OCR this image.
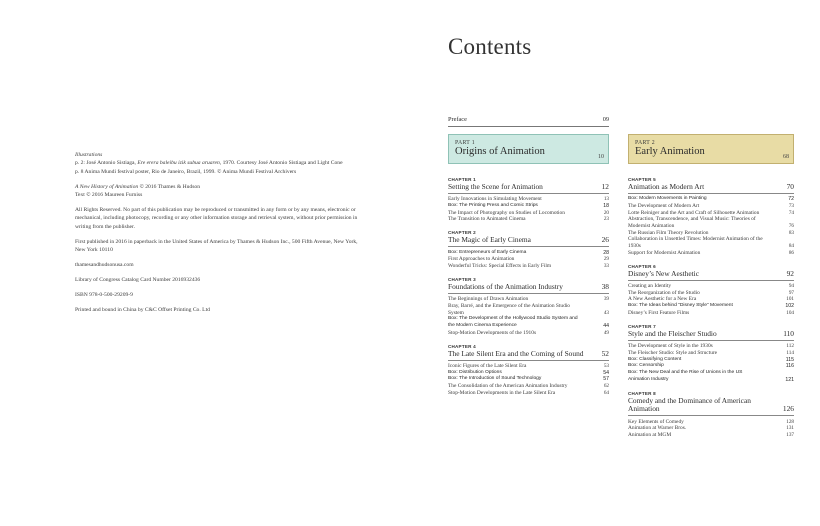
Illustrations
p. 2: José Antonio Sistiaga, Ere erera baleibu izik subua aruaren, 1970. Courtesy José Antonio Sistiaga and Light Cone
p. 8 Anima Mundi festival poster, Rio de Janeiro, Brazil, 1999. © Anima Mundi Festival Archivers

A New History of Animation © 2016 Thames & Hudson
Text © 2016 Maureen Furniss

All Rights Reserved. No part of this publication may be reproduced or transmitted in any form or by any means, electronic or mechanical, including photocopy, recording or any other information storage and retrieval system, without prior permission in writing from the publisher.

First published in 2016 in paperback in the United States of America by Thames & Hudson Inc., 500 Fifth Avenue, New York, New York 10110

thamesandhudsonusa.com

Library of Congress Catalog Card Number 2016932436

ISBN 978-0-500-29209-9

Printed and bound in China by C&C Offset Printing Co. Ltd

Contents
Preface	09
PART 1
Origins of Animation	10
PART 2
Early Animation	68
CHAPTER 1
Setting the Scene for Animation	12
Early Innovations in Simulating Movement	13
Box: The Printing Press and Comic Strips	18
The Impact of Photography on Studies of Locomotion	20
The Transition to Animated Cinema	23
CHAPTER 2
The Magic of Early Cinema	26
Box: Entrepreneurs of Early Cinema	28
First Approaches to Animation	29
Wonderful Tricks: Special Effects in Early Film	33
CHAPTER 3
Foundations of the Animation Industry	38
The Beginnings of Drawn Animation	39
Bray, Barré, and the Emergence of the Animation Studio System	43
Box: The Development of the Hollywood Studio System and the Modern Cinema Experience	44
Stop-Motion Developments of the 1910s	49
CHAPTER 4
The Late Silent Era and the Coming of Sound 52
Iconic Figures of the Late Silent Era	53
Box: Distribution Options	54
Box: The Introduction of Sound Technology	57
The Consolidation of the American Animation Industry	62
Stop-Motion Developments in the Late Silent Era	64
CHAPTER 5
Animation as Modern Art	70
Box: Modern Movements in Painting	72
The Development of Modern Art	73
Lotte Reiniger and the Art and Craft of Silhouette Animation	74
Abstraction, Transcendence, and Visual Music: Theories of Modernist Animation	76
The Russian Film Theory Revolution	83
Collaboration in Unsettled Times: Modernist Animation of the 1930s	84
Support for Modernist Animation	86
CHAPTER 6
Disney’s New Aesthetic	92
Creating an Identity	94
The Reorganization of the Studio	97
A New Aesthetic for a New Era	101
Box: The Ideas behind “Disney Style” Movement	102
Disney’s First Feature Films	104
CHAPTER 7
Style and the Fleischer Studio	110
The Development of Style in the 1930s	112
The Fleischer Studio: Style and Structure	114
Box: Classifying Content	115
Box: Censorship	116
Box: The New Deal and the Rise of Unions in the US Animation Industry	121
CHAPTER 8
Comedy and the Dominance of American Animation	126
Key Elements of Comedy	128
Animation at Warner Bros.	131
Animation at MGM	137
